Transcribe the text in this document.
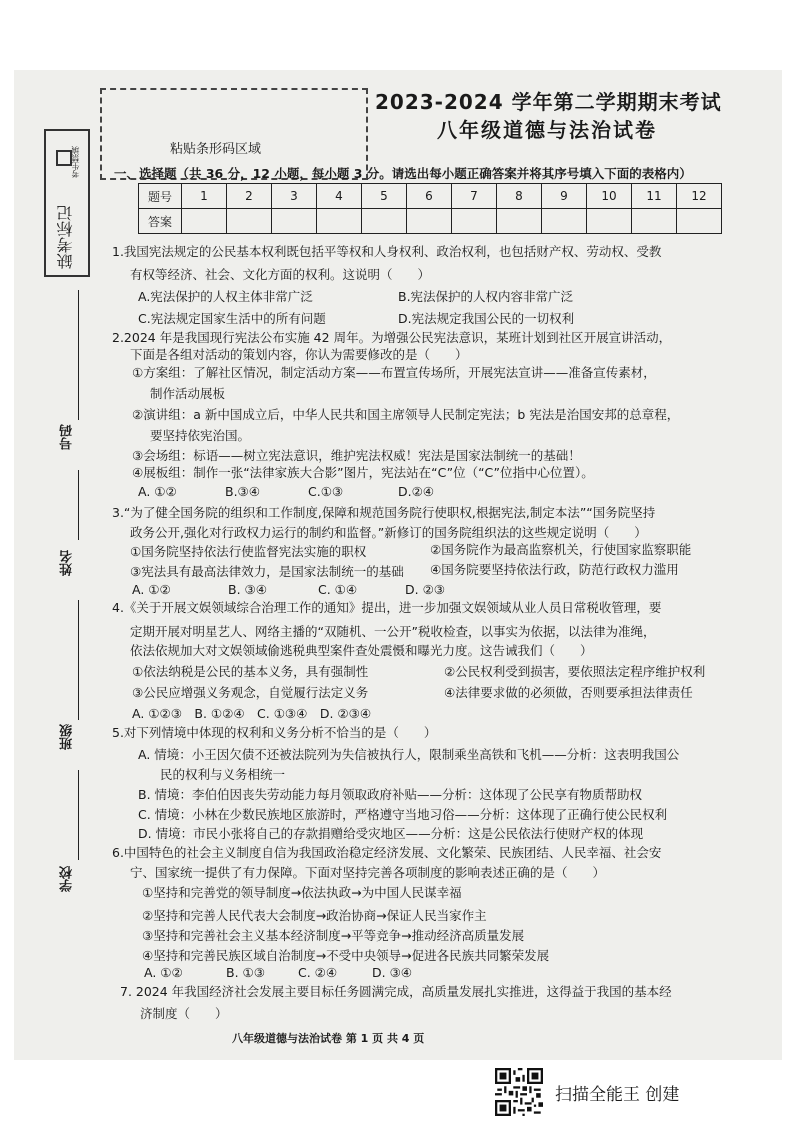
粘贴条形码区域
2023-2024 学年第二学期期末考试
八年级道德与法治试卷
考生禁填
缺考标记
号码
姓名
班级
学校
一、选择题（共 36 分，12 小题，每小题 3 分。请选出每小题正确答案并将其序号填入下面的表格内）
题号	1	2	3	4	5	6	7	8	9	10	11	12
答案												
1.我国宪法规定的公民基本权利既包括平等权和人身权利、政治权利，也包括财产权、劳动权、受教
有权等经济、社会、文化方面的权利。这说明（　　）
A.宪法保护的人权主体非常广泛	B.宪法保护的人权内容非常广泛
C.宪法规定国家生活中的所有问题	D.宪法规定我国公民的一切权利
2.2024 年是我国现行宪法公布实施 42 周年。为增强公民宪法意识，某班计划到社区开展宣讲活动，
下面是各组对活动的策划内容，你认为需要修改的是（　　）
①方案组：了解社区情况，制定活动方案——布置宣传场所，开展宪法宣讲——准备宣传素材，
制作活动展板
②演讲组：a 新中国成立后，中华人民共和国主席领导人民制定宪法；b 宪法是治国安邦的总章程，
要坚持依宪治国。
③会场组：标语——树立宪法意识，维护宪法权威！宪法是国家法制统一的基础！
④展板组：制作一张“法律家族大合影”图片，宪法站在“C”位（“C”位指中心位置）。
A. ①②	B.③④	C.①③	D.②④
3.“为了健全国务院的组织和工作制度,保障和规范国务院行使职权,根据宪法,制定本法”“国务院坚持
政务公开,强化对行政权力运行的制约和监督。”新修订的国务院组织法的这些规定说明（　　）
①国务院坚持依法行使监督宪法实施的职权	②国务院作为最高监察机关，行使国家监察职能
③宪法具有最高法律效力，是国家法制统一的基础 ④国务院要坚持依法行政，防范行政权力滥用
A. ①②	B. ③④	C. ①④	D. ②③
4.《关于开展文娱领域综合治理工作的通知》提出，进一步加强文娱领域从业人员日常税收管理，要
定期开展对明星艺人、网络主播的“双随机、一公开”税收检查，以事实为依据，以法律为准绳，
依法依规加大对文娱领域偷逃税典型案件查处震慑和曝光力度。这告诫我们（　　）
①依法纳税是公民的基本义务，具有强制性	②公民权利受到损害，要依照法定程序维护权利
③公民应增强义务观念，自觉履行法定义务	④法律要求做的必须做，否则要承担法律责任
A. ①②③　B. ①②④　C. ①③④　D. ②③④
5.对下列情境中体现的权利和义务分析不恰当的是（　　）
A. 情境：小王因欠债不还被法院列为失信被执行人，限制乘坐高铁和飞机——分析：这表明我国公
民的权利与义务相统一
B. 情境：李伯伯因丧失劳动能力每月领取政府补贴——分析：这体现了公民享有物质帮助权
C. 情境：小林在少数民族地区旅游时，严格遵守当地习俗——分析：这体现了正确行使公民权利
D. 情境：市民小张将自己的存款捐赠给受灾地区——分析：这是公民依法行使财产权的体现
6.中国特色的社会主义制度自信为我国政治稳定经济发展、文化繁荣、民族团结、人民幸福、社会安
宁、国家统一提供了有力保障。下面对坚持完善各项制度的影响表述正确的是（　　）
①坚持和完善党的领导制度→依法执政→为中国人民谋幸福
②坚持和完善人民代表大会制度→政治协商→保证人民当家作主
③坚持和完善社会主义基本经济制度→平等竞争→推动经济高质量发展
④坚持和完善民族区域自治制度→不受中央领导→促进各民族共同繁荣发展
A. ①②	B. ①③	C. ②④	D. ③④
7. 2024 年我国经济社会发展主要目标任务圆满完成，高质量发展扎实推进，这得益于我国的基本经
济制度（　　）
八年级道德与法治试卷 第 1 页 共 4 页
扫描全能王 创建
